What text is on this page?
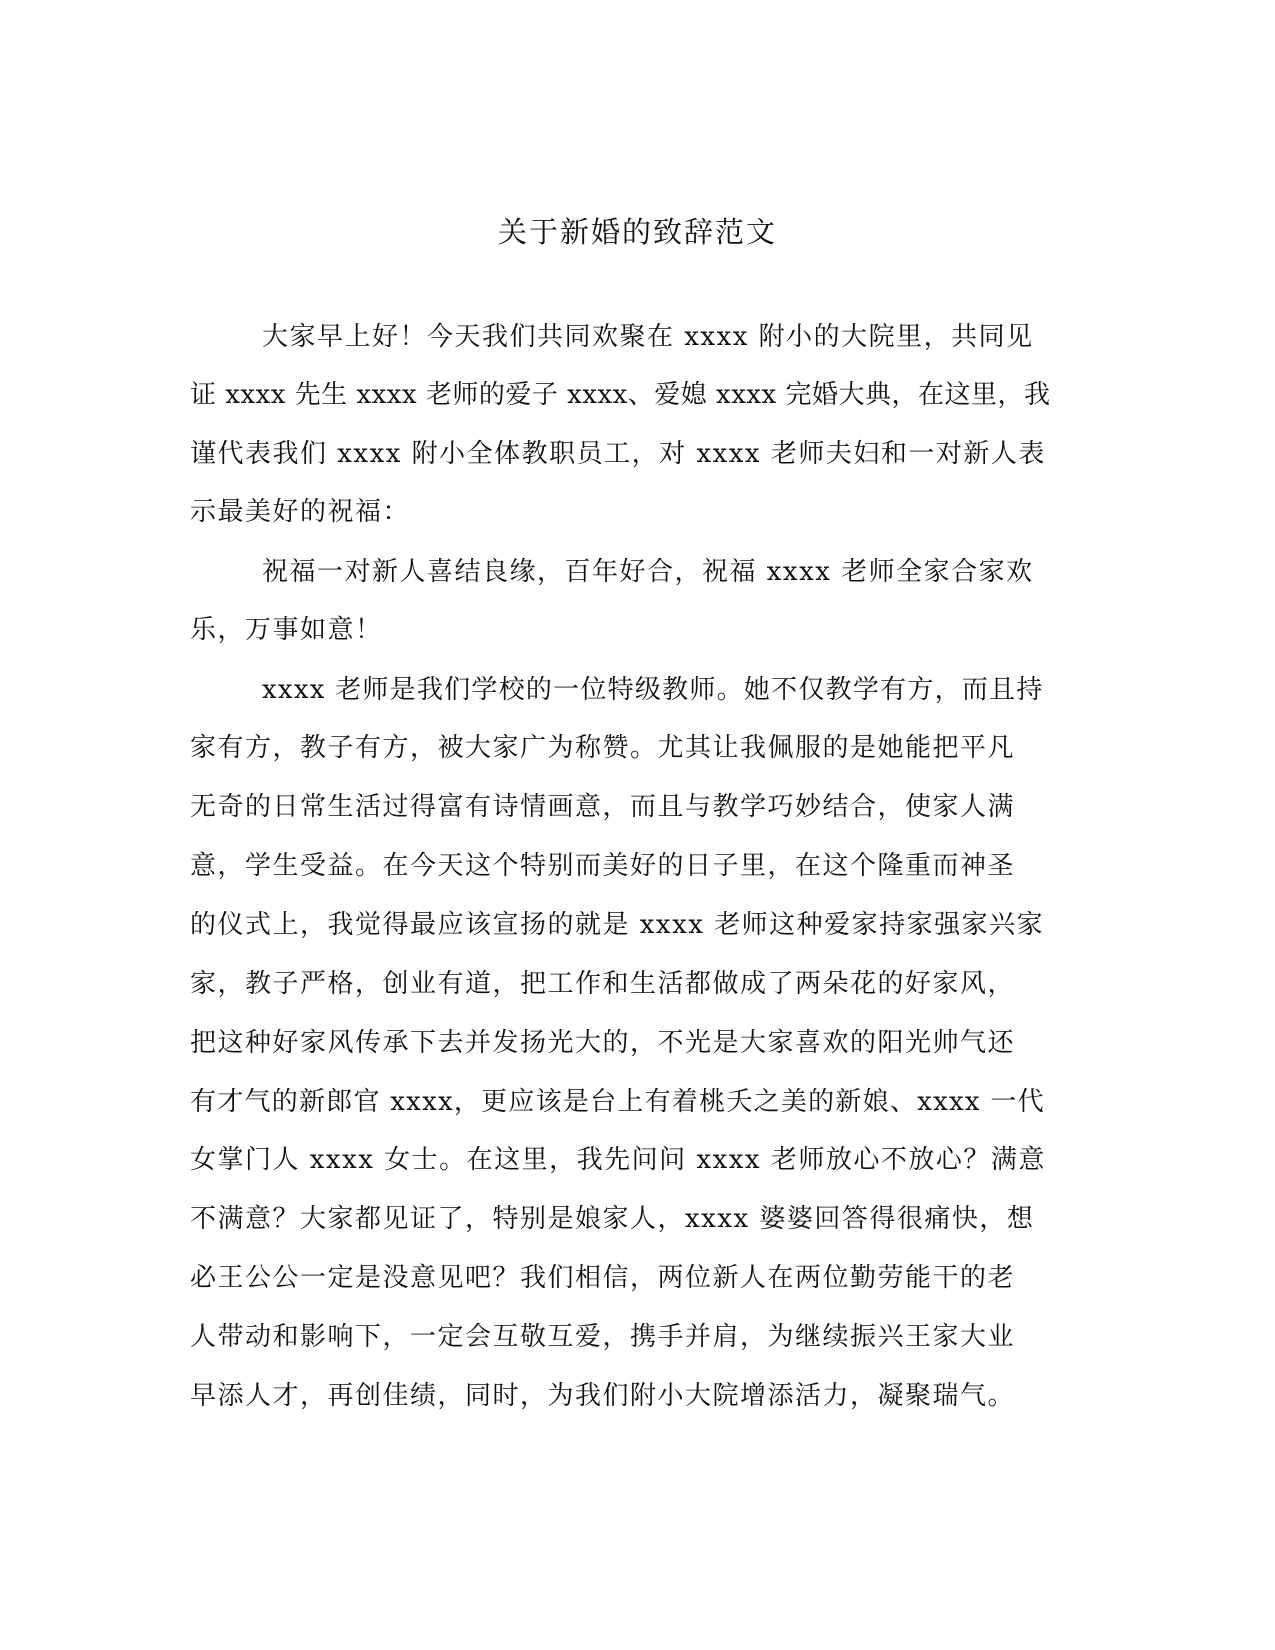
关于新婚的致辞范文

大家早上好！今天我们共同欢聚在 xxxx 附小的大院里，共同见

证 xxxx 先生 xxxx 老师的爱子 xxxx、爱媳 xxxx 完婚大典，在这里，我

谨代表我们 xxxx 附小全体教职员工，对 xxxx 老师夫妇和一对新人表

示最美好的祝福：

祝福一对新人喜结良缘，百年好合，祝福 xxxx 老师全家合家欢

乐，万事如意！

xxxx 老师是我们学校的一位特级教师。她不仅教学有方，而且持

家有方，教子有方，被大家广为称赞。尤其让我佩服的是她能把平凡

无奇的日常生活过得富有诗情画意，而且与教学巧妙结合，使家人满

意，学生受益。在今天这个特别而美好的日子里，在这个隆重而神圣

的仪式上，我觉得最应该宣扬的就是 xxxx 老师这种爱家持家强家兴家

家，教子严格，创业有道，把工作和生活都做成了两朵花的好家风，

把这种好家风传承下去并发扬光大的，不光是大家喜欢的阳光帅气还

有才气的新郎官 xxxx，更应该是台上有着桃夭之美的新娘、xxxx 一代

女掌门人 xxxx 女士。在这里，我先问问 xxxx 老师放心不放心？满意

不满意？大家都见证了，特别是娘家人，xxxx 婆婆回答得很痛快，想

必王公公一定是没意见吧？我们相信，两位新人在两位勤劳能干的老

人带动和影响下，一定会互敬互爱，携手并肩，为继续振兴王家大业

早添人才，再创佳绩，同时，为我们附小大院增添活力，凝聚瑞气。
